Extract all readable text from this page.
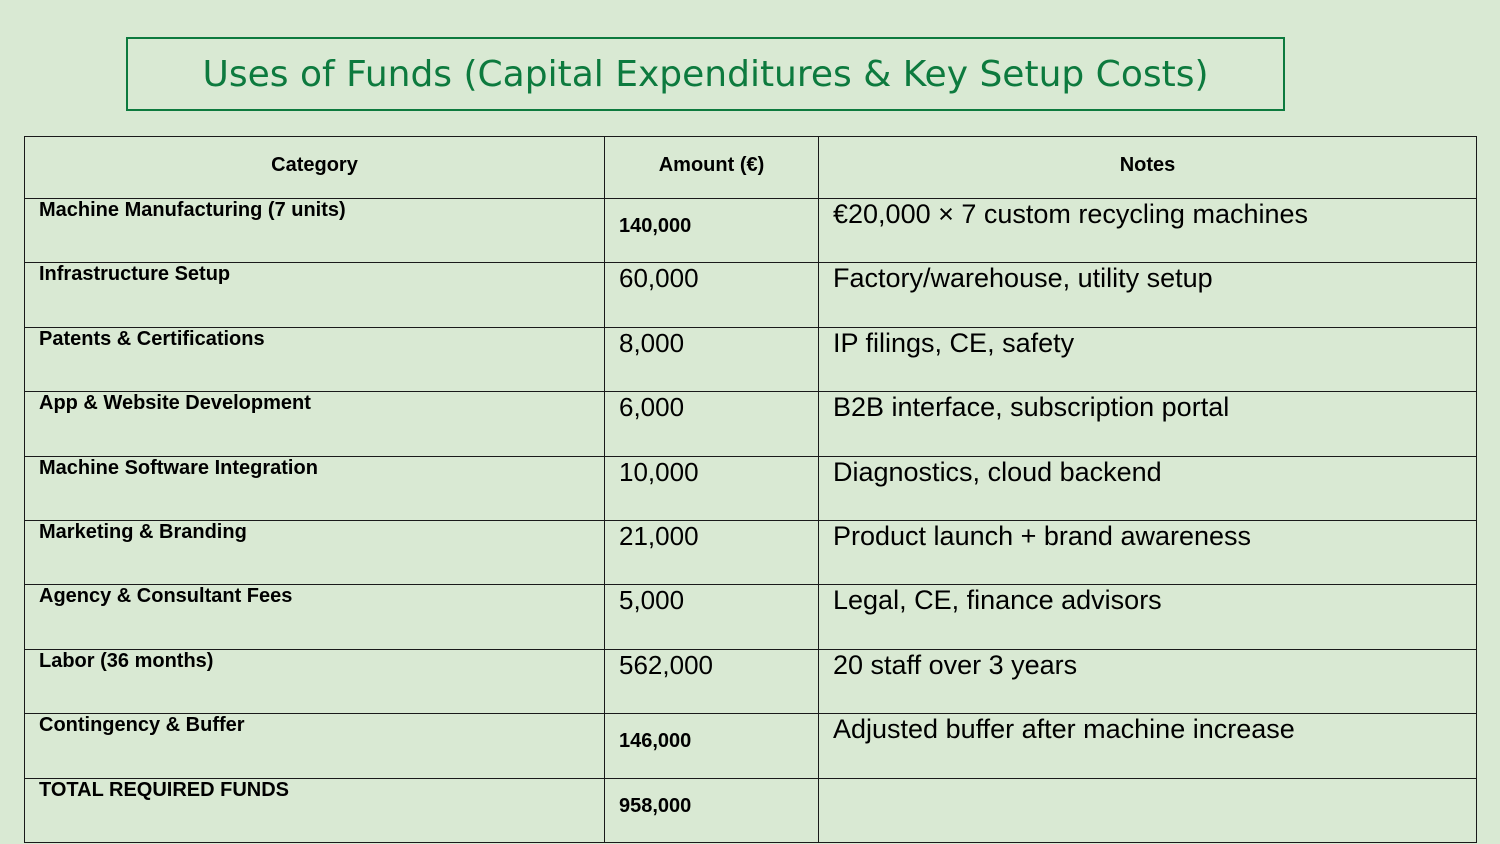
Uses of Funds (Capital Expenditures & Key Setup Costs)
Category	Amount (€)	Notes
Machine Manufacturing (7 units)	140,000	€20,000 × 7 custom recycling machines
Infrastructure Setup	60,000	Factory/warehouse, utility setup
Patents & Certifications	8,000	IP filings, CE, safety
App & Website Development	6,000	B2B interface, subscription portal
Machine Software Integration	10,000	Diagnostics, cloud backend
Marketing & Branding	21,000	Product launch + brand awareness
Agency & Consultant Fees	5,000	Legal, CE, finance advisors
Labor (36 months)	562,000	20 staff over 3 years
Contingency & Buffer	146,000	Adjusted buffer after machine increase
TOTAL REQUIRED FUNDS	958,000	
